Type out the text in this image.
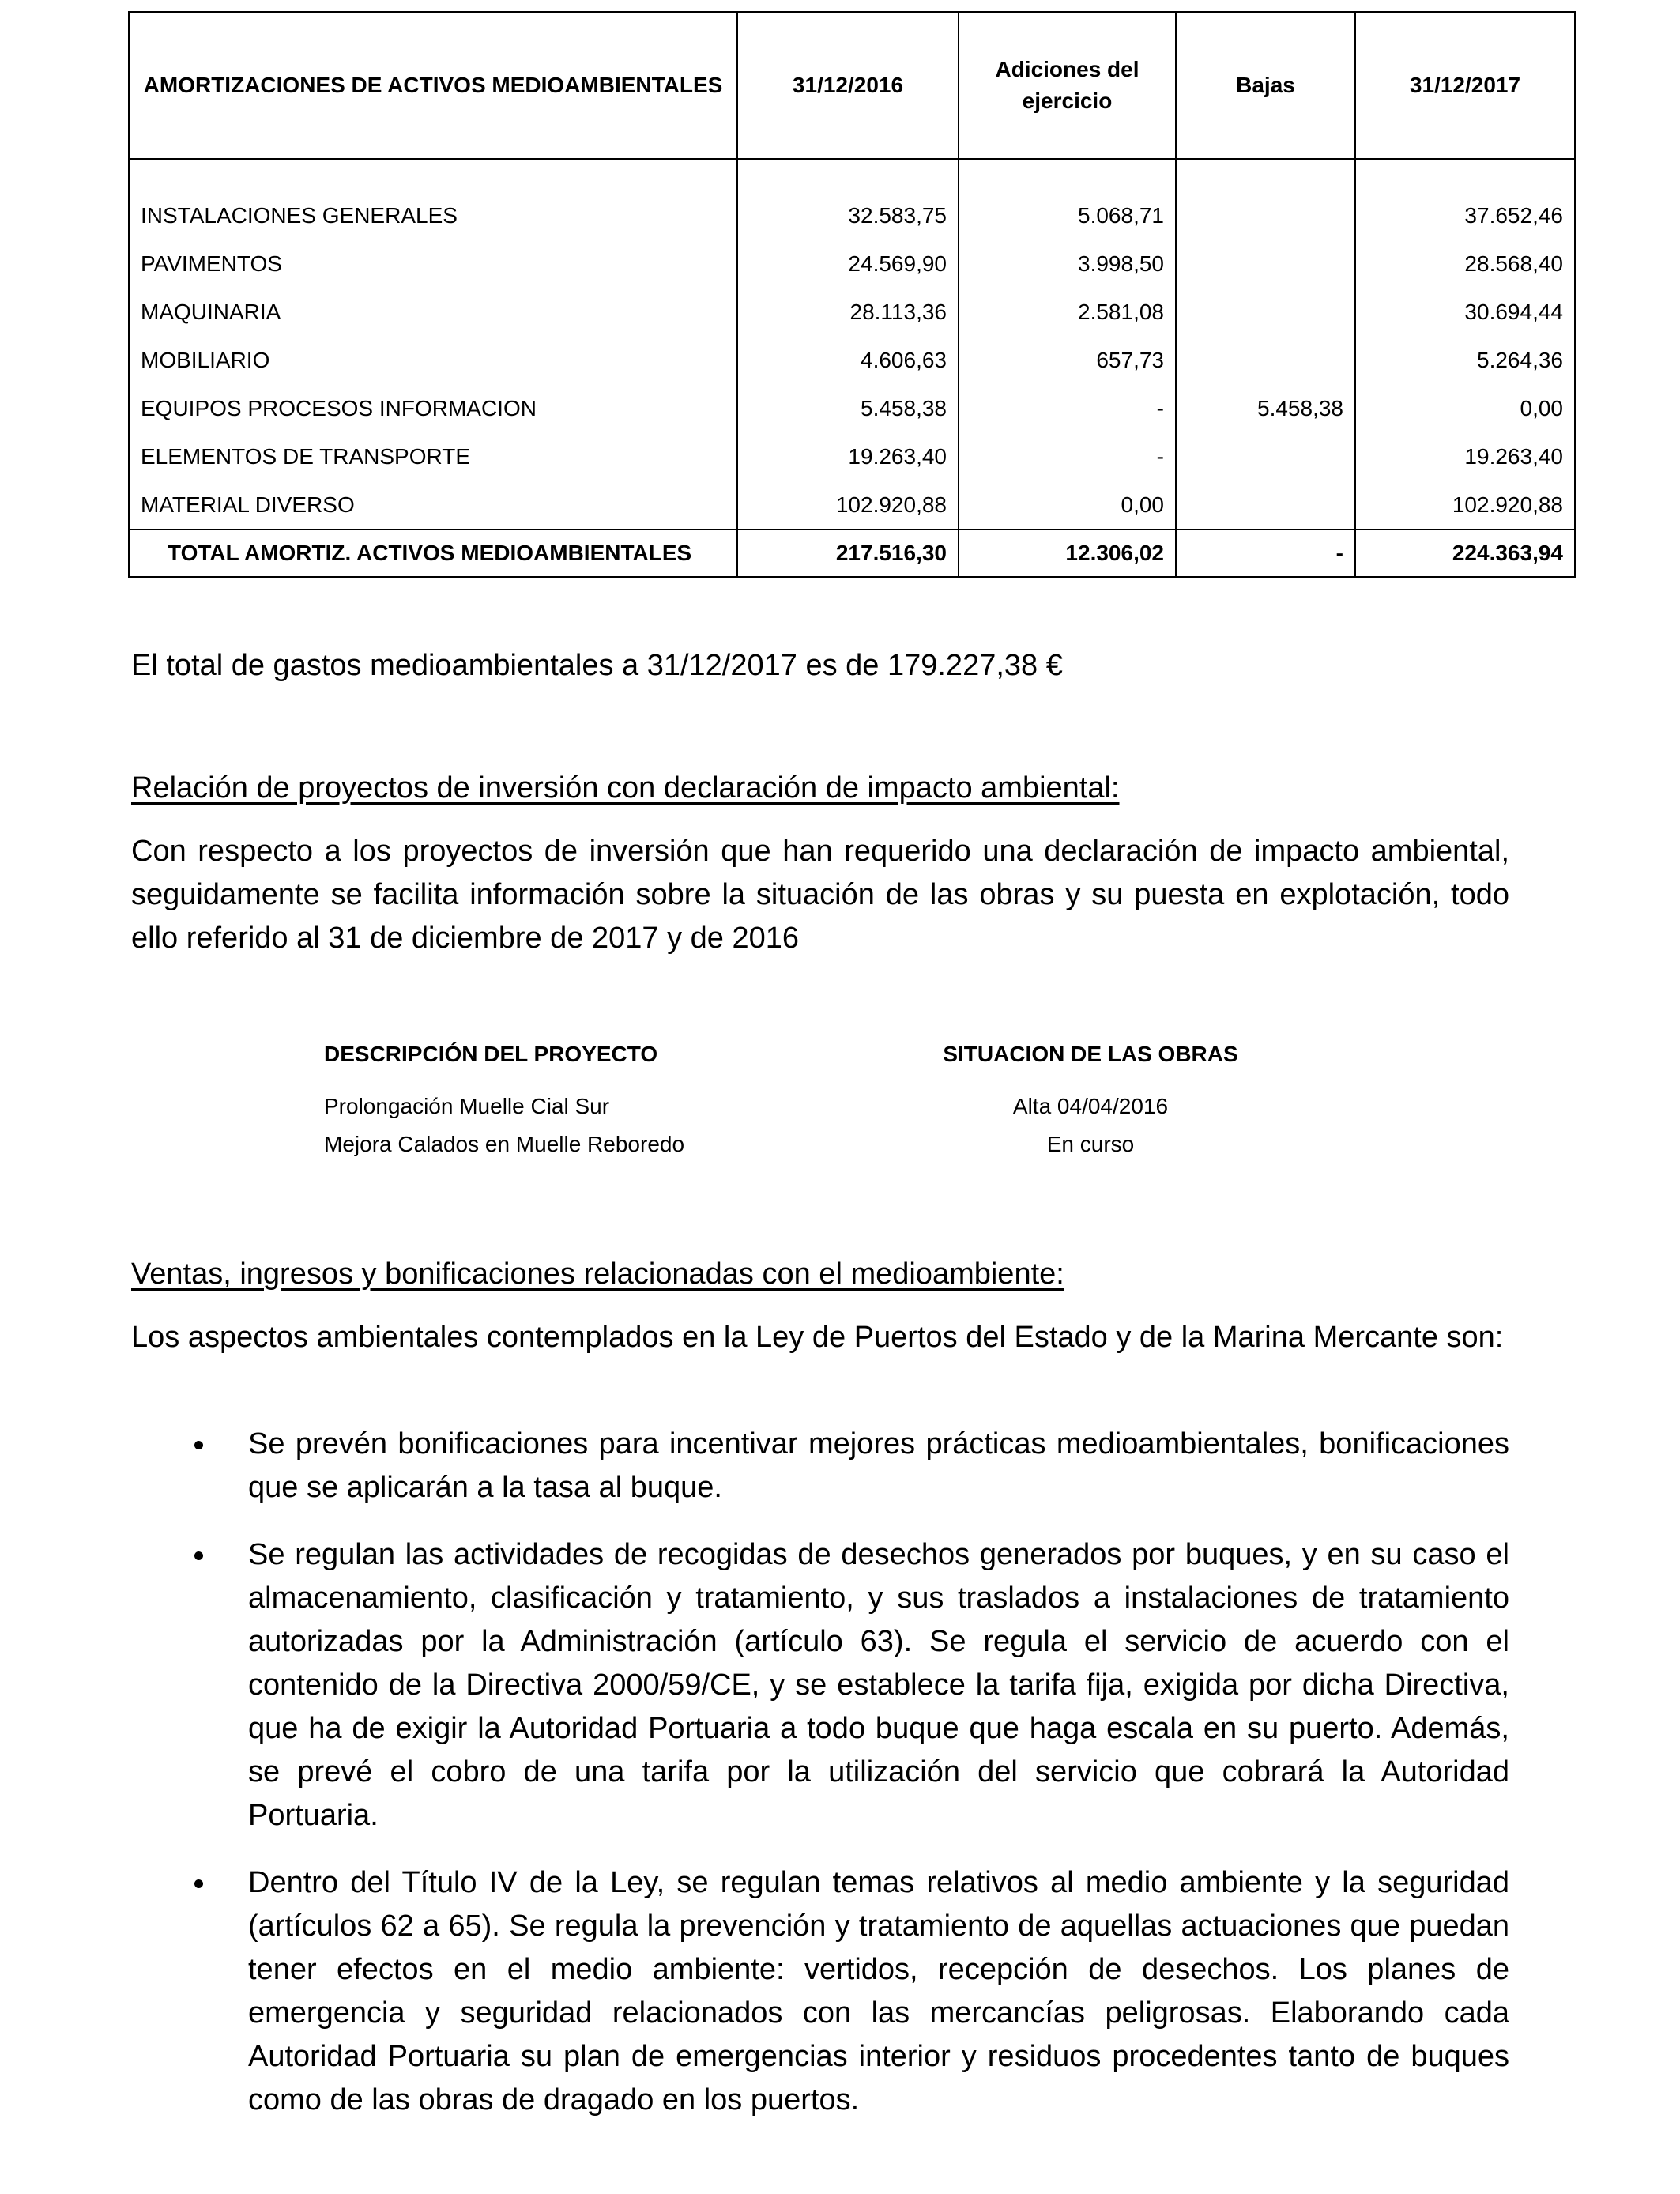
AMORTIZACIONES DE ACTIVOS MEDIOAMBIENTALES	31/12/2016	Adiciones del ejercicio	Bajas	31/12/2017
INSTALACIONES GENERALES	32.583,75	5.068,71		37.652,46
PAVIMENTOS	24.569,90	3.998,50		28.568,40
MAQUINARIA	28.113,36	2.581,08		30.694,44
MOBILIARIO	4.606,63	657,73		5.264,36
EQUIPOS PROCESOS INFORMACION	5.458,38	-	5.458,38	0,00
ELEMENTOS DE TRANSPORTE	19.263,40	-		19.263,40
MATERIAL DIVERSO	102.920,88	0,00		102.920,88
TOTAL AMORTIZ. ACTIVOS MEDIOAMBIENTALES	217.516,30	12.306,02	-	224.363,94
El total de gastos medioambientales a 31/12/2017 es de 179.227,38 €
Relación de proyectos de inversión con declaración de impacto ambiental:
Con respecto a los proyectos de inversión que han requerido una declaración de impacto ambiental, seguidamente se facilita información sobre la situación de las obras y su puesta en explotación, todo ello referido al 31 de diciembre de 2017 y de 2016
DESCRIPCIÓN DEL PROYECTO	SITUACION DE LAS OBRAS
Prolongación Muelle Cial Sur	Alta 04/04/2016
Mejora Calados en Muelle Reboredo	En curso
Ventas, ingresos y bonificaciones relacionadas con el medioambiente:
Los aspectos ambientales contemplados en la Ley de Puertos del Estado y de la Marina Mercante son:
Se prevén bonificaciones para incentivar mejores prácticas medioambientales, bonificaciones que se aplicarán a la tasa al buque.
Se regulan las actividades de recogidas de desechos generados por buques, y en su caso el almacenamiento, clasificación y tratamiento, y sus traslados a instalaciones de tratamiento autorizadas por la Administración (artículo 63). Se regula el servicio de acuerdo con el contenido de la Directiva 2000/59/CE, y se establece la tarifa fija, exigida por dicha Directiva, que ha de exigir la Autoridad Portuaria a todo buque que haga escala en su puerto. Además, se prevé el cobro de una tarifa por la utilización del servicio que cobrará la Autoridad Portuaria.
Dentro del Título IV de la Ley, se regulan temas relativos al medio ambiente y la seguridad (artículos 62 a 65). Se regula la prevención y tratamiento de aquellas actuaciones que puedan tener efectos en el medio ambiente: vertidos, recepción de desechos. Los planes de emergencia y seguridad relacionados con las mercancías peligrosas. Elaborando cada Autoridad Portuaria su plan de emergencias interior y residuos procedentes tanto de buques como de las obras de dragado en los puertos.
